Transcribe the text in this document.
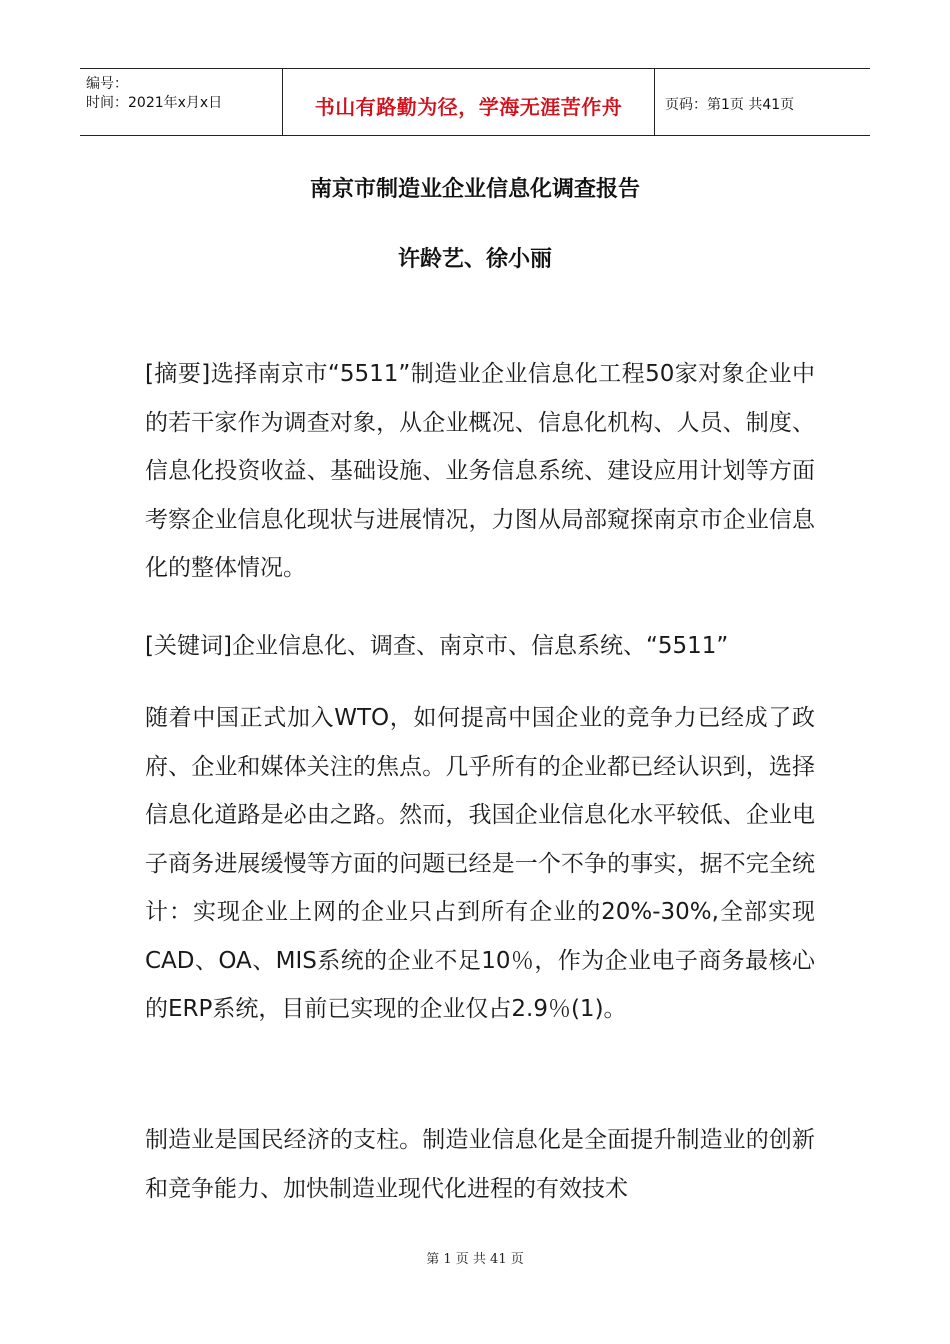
编号：
时间：2021年x月x日	书山有路勤为径，学海无涯苦作舟	页码：第1页 共41页
南京市制造业企业信息化调查报告
许龄艺、徐小丽

[摘要]选择南京市“5511”制造业企业信息化工程50家对象企业中的若干家作为调查对象，从企业概况、信息化机构、人员、制度、信息化投资收益、基础设施、业务信息系统、建设应用计划等方面考察企业信息化现状与进展情况，力图从局部窥探南京市企业信息化的整体情况。

[关键词]企业信息化、调查、南京市、信息系统、“5511”

随着中国正式加入WTO，如何提高中国企业的竞争力已经成了政府、企业和媒体关注的焦点。几乎所有的企业都已经认识到，选择信息化道路是必由之路。然而，我国企业信息化水平较低、企业电子商务进展缓慢等方面的问题已经是一个不争的事实，据不完全统计：实现企业上网的企业只占到所有企业的20%-30%,全部实现CAD、OA、MIS系统的企业不足10％，作为企业电子商务最核心的ERP系统，目前已实现的企业仅占2.9％(1)。

制造业是国民经济的支柱。制造业信息化是全面提升制造业的创新和竞争能力、加快制造业现代化进程的有效技术

第 1 页 共 41 页
